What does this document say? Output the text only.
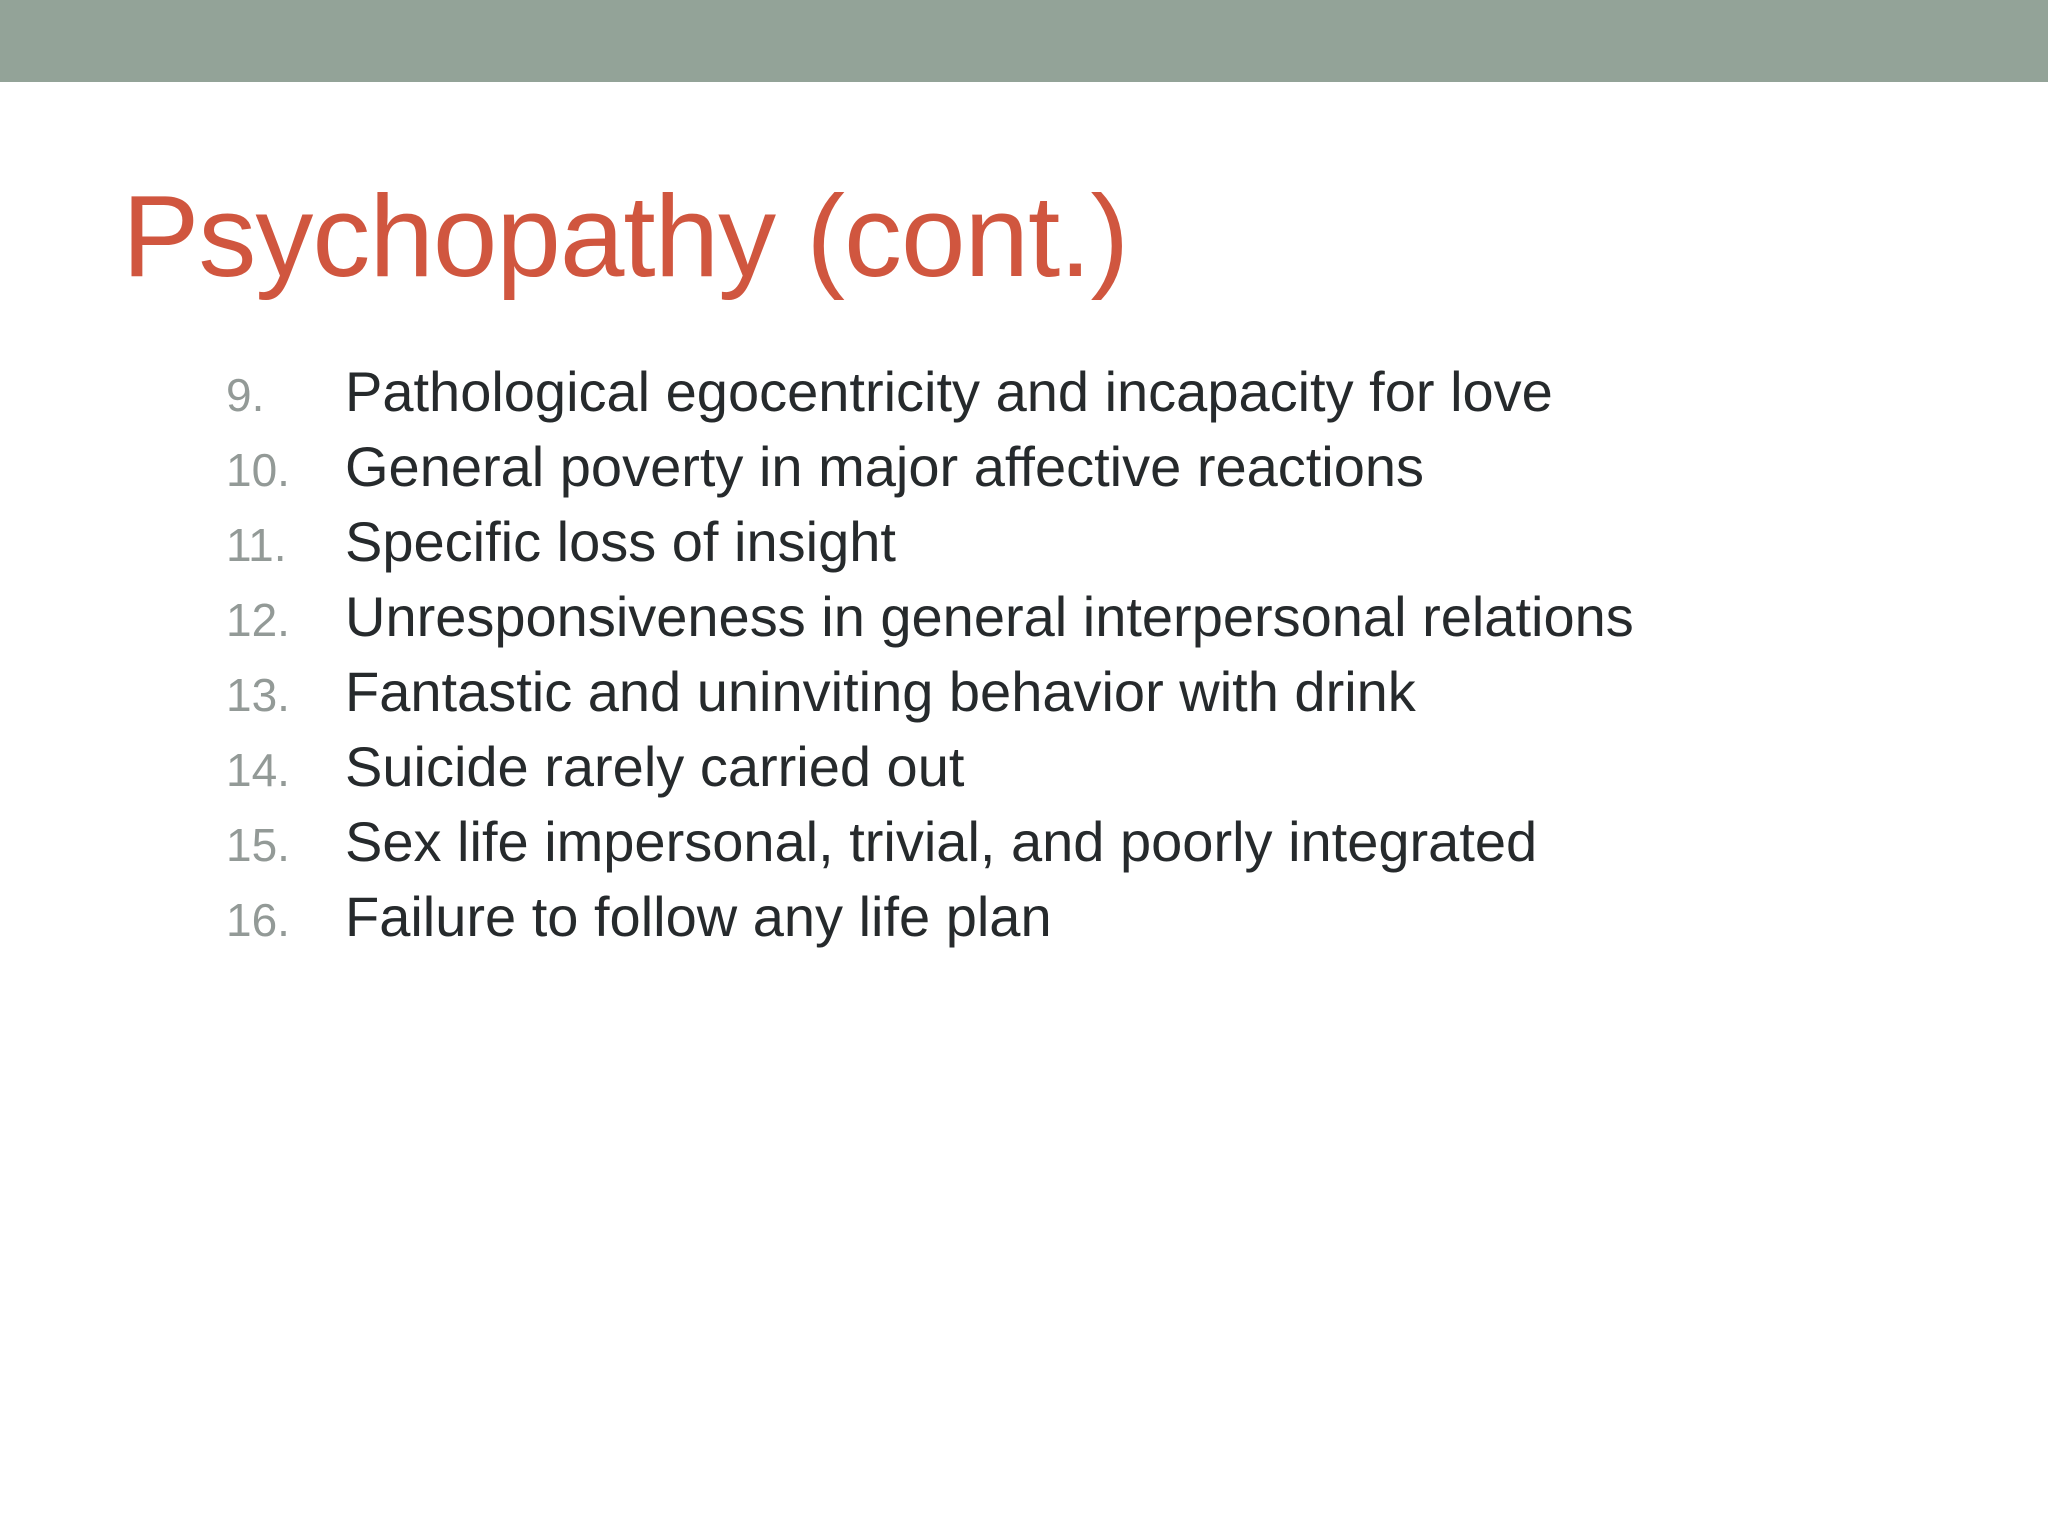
Psychopathy (cont.)
9.	Pathological egocentricity and incapacity for love
10. General poverty in major affective reactions
11.	Specific loss of insight
12. Unresponsiveness in general interpersonal relations
13. Fantastic and uninviting behavior with drink
14. Suicide rarely carried out
15. Sex life impersonal, trivial, and poorly integrated
16. Failure to follow any life plan
